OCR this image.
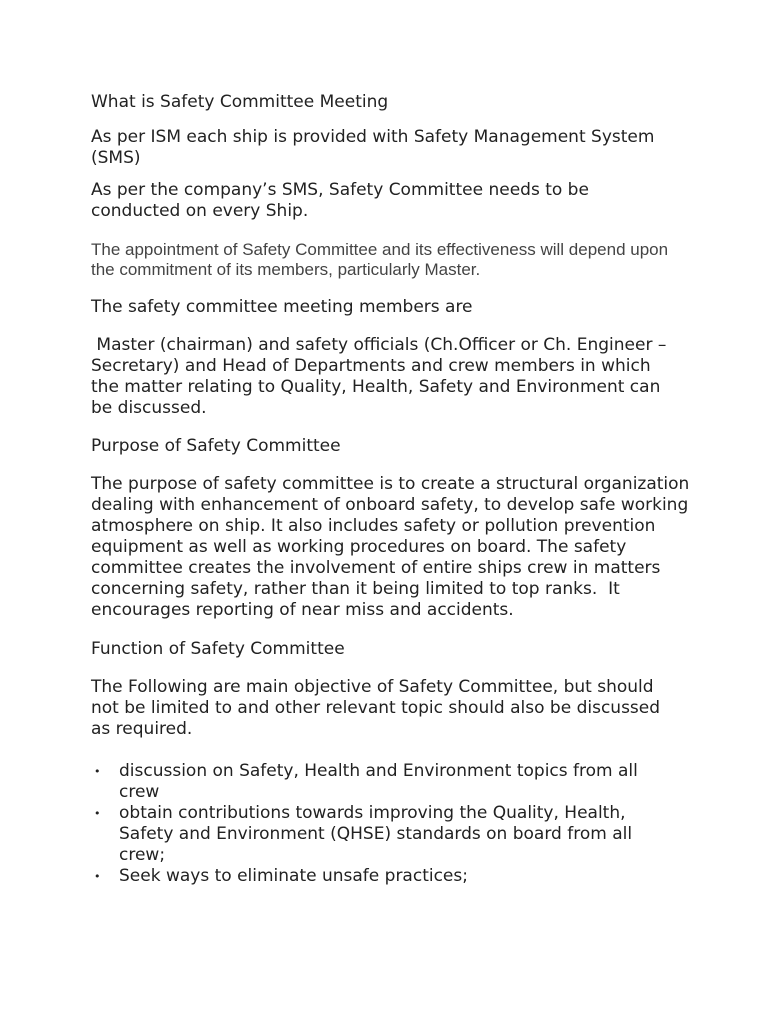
What is Safety Committee Meeting

As per ISM each ship is provided with Safety Management System (SMS)

As per the company’s SMS, Safety Committee needs to be conducted on every Ship.

The appointment of Safety Committee and its effectiveness will depend upon the commitment of its members, particularly Master.

The safety committee meeting members are

Master (chairman) and safety officials (Ch.Officer or Ch. Engineer – Secretary) and Head of Departments and crew members in which the matter relating to Quality, Health, Safety and Environment can be discussed.

Purpose of Safety Committee

The purpose of safety committee is to create a structural organization dealing with enhancement of onboard safety, to develop safe working atmosphere on ship. It also includes safety or pollution prevention equipment as well as working procedures on board. The safety committee creates the involvement of entire ships crew in matters concerning safety, rather than it being limited to top ranks.  It encourages reporting of near miss and accidents.

Function of Safety Committee

The Following are main objective of Safety Committee, but should not be limited to and other relevant topic should also be discussed as required.

• discussion on Safety, Health and Environment topics from all crew
• obtain contributions towards improving the Quality, Health, Safety and Environment (QHSE) standards on board from all crew;
• Seek ways to eliminate unsafe practices;
